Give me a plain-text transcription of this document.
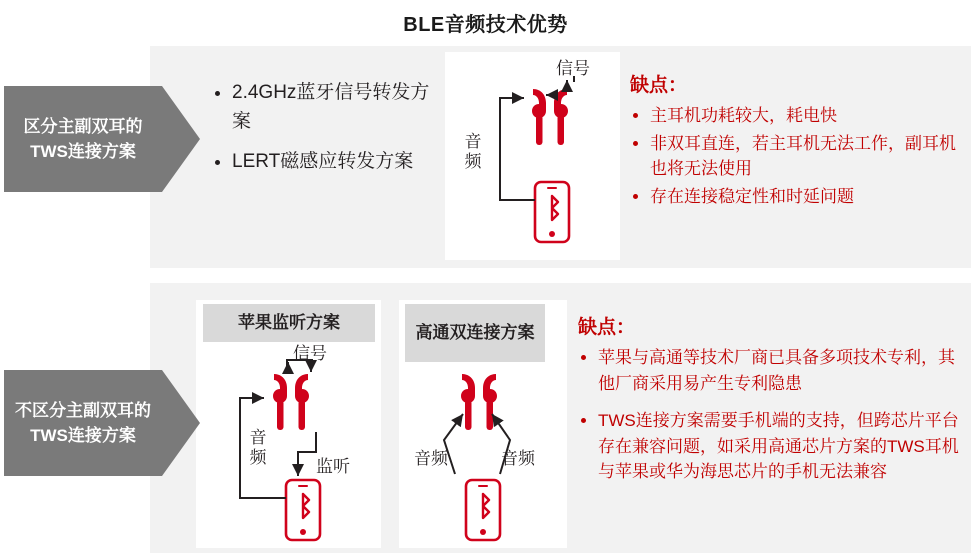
BLE音频技术优势
区分主副双耳的TWS连接方案
不区分主副双耳的TWS连接方案
• 2.4GHz蓝牙信号转发方案
• LERT磁感应转发方案
缺点：
• 主耳机功耗较大，耗电快
• 非双耳直连，若主耳机无法工作，副耳机也将无法使用
• 存在连接稳定性和时延问题
苹果监听方案
高通双连接方案	缺点：
• 苹果与高通等技术厂商已具备多项技术专利，其他厂商采用易产生专利隐患
• TWS连接方案需要手机端的支持，但跨芯片平台存在兼容问题，如采用高通芯片方案的TWS耳机与苹果或华为海思芯片的手机无法兼容
信号
音频
信号
音频	监听	音频	音频
